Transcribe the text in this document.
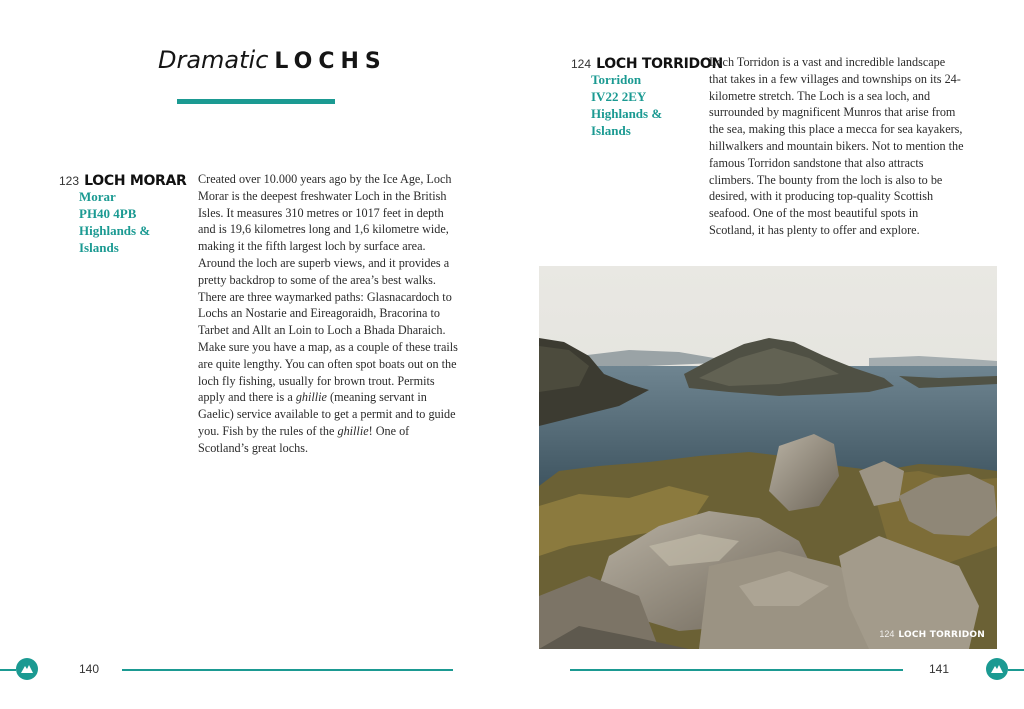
Dramatic LOCHS
123 LOCH MORAR
Morar
PH40 4PB
Highlands &
Islands
Created over 10.000 years ago by the Ice Age, Loch Morar is the deepest freshwater Loch in the British Isles. It measures 310 metres or 1017 feet in depth and is 19,6 kilometres long and 1,6 kilometre wide, making it the fifth largest loch by surface area. Around the loch are superb views, and it provides a pretty backdrop to some of the area’s best walks. There are three waymarked paths: Glasnacardoch to Lochs an Nostarie and Eireagoraidh, Bracorina to Tarbet and Allt an Loin to Loch a Bhada Dharaich. Make sure you have a map, as a couple of these trails are quite lengthy. You can often spot boats out on the loch fly fishing, usually for brown trout. Permits apply and there is a ghillie (meaning servant in Gaelic) service available to get a permit and to guide you. Fish by the rules of the ghillie! One of Scotland’s great lochs.
124 LOCH TORRIDON
Torridon
IV22 2EY
Highlands &
Islands
Loch Torridon is a vast and incredible landscape that takes in a few villages and townships on its 24-kilometre stretch. The Loch is a sea loch, and surrounded by magnificent Munros that arise from the sea, making this place a mecca for sea kayakers, hillwalkers and mountain bikers. Not to mention the famous Torridon sandstone that also attracts climbers. The bounty from the loch is also to be desired, with it producing top-quality Scottish seafood. One of the most beautiful spots in Scotland, it has plenty to offer and explore.
124 LOCH TORRIDON
140	141
